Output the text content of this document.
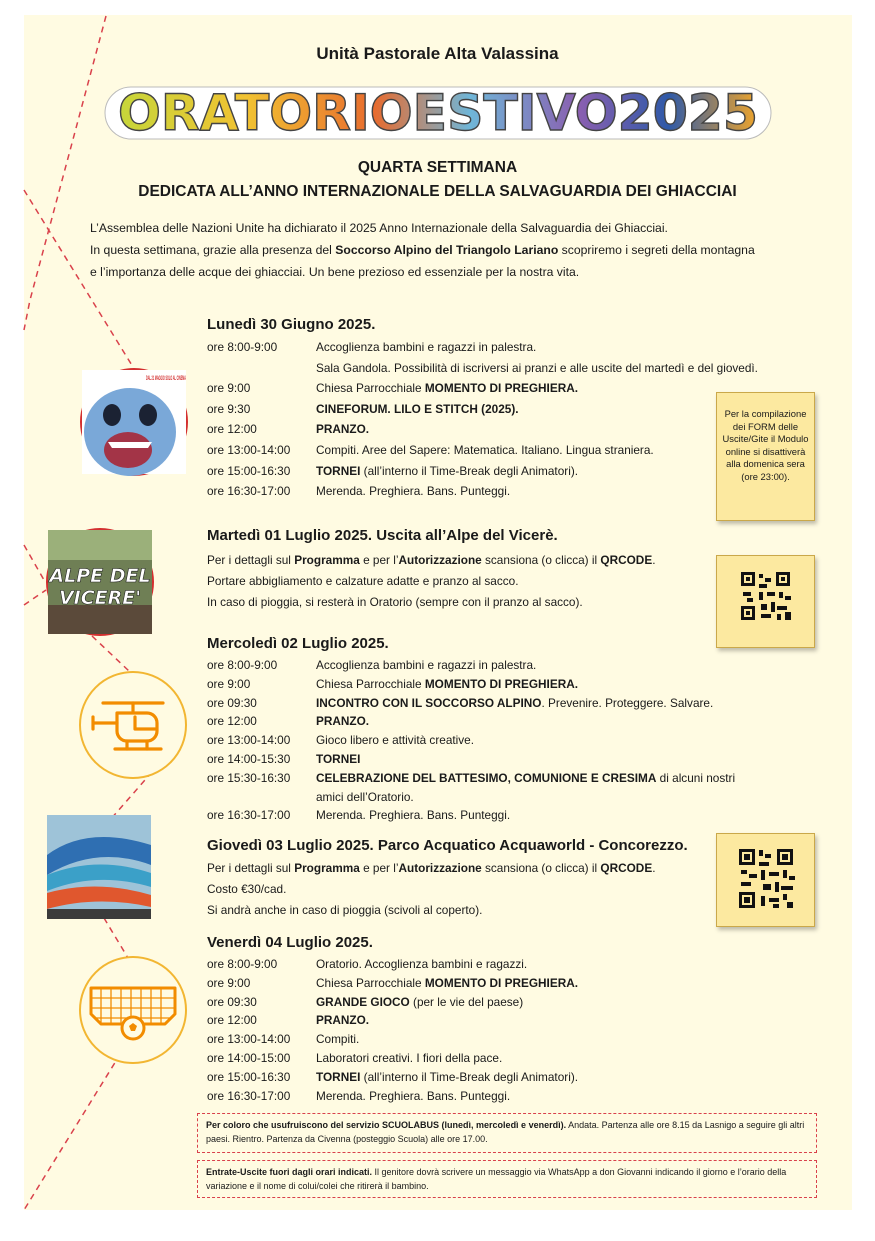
Unità Pastorale Alta Valassina
ORATORIOESTIVO2025
QUARTA SETTIMANA
DEDICATA ALL’ANNO INTERNAZIONALE DELLA SALVAGUARDIA DEI GHIACCIAI
L’Assemblea delle Nazioni Unite ha dichiarato il 2025 Anno Internazionale della Salvaguardia dei Ghiacciai.
In questa settimana, grazie alla presenza del Soccorso Alpino del Triangolo Lariano scopriremo i segreti della montagna
e l’importanza delle acque dei ghiacciai. Un bene prezioso ed essenziale per la nostra vita.
Lunedì 30 Giugno 2025.
ore 8:00-9:00	Accoglienza bambini e ragazzi in palestra.
Sala Gandola. Possibilità di iscriversi ai pranzi e alle uscite del martedì e del giovedì.
ore 9:00	Chiesa Parrocchiale MOMENTO DI PREGHIERA.
ore 9:30	CINEFORUM. LILO E STITCH (2025).
ore 12:00	PRANZO.
ore 13:00-14:00 Compiti. Aree del Sapere: Matematica. Italiano. Lingua straniera.
ore 15:00-16:30 TORNEI (all’interno il Time-Break degli Animatori).
ore 16:30-17:00 Merenda. Preghiera. Bans. Punteggi.
DAL 21 MAGGIO SOLO AL CINEMA
Per la compilazione dei FORM delle Uscite/Gite il Modulo online si disattiverà alla domenica sera (ore 23:00).
Martedì 01 Luglio 2025. Uscita all’Alpe del Vicerè.
Per i dettagli sul Programma e per l’Autorizzazione scansiona (o clicca) il QRCODE.
Portare abbigliamento e calzature adatte e pranzo al sacco.
In caso di pioggia, si resterà in Oratorio (sempre con il pranzo al sacco).
ALPE DEL VICERE'
Mercoledì 02 Luglio 2025.
ore 8:00-9:00	Accoglienza bambini e ragazzi in palestra.
ore 9:00	Chiesa Parrocchiale MOMENTO DI PREGHIERA.
ore 09:30	INCONTRO CON IL SOCCORSO ALPINO. Prevenire. Proteggere. Salvare.
ore 12:00	PRANZO.
ore 13:00-14:00 Gioco libero e attività creative.
ore 14:00-15:30 TORNEI
ore 15:30-16:30 CELEBRAZIONE DEL BATTESIMO, COMUNIONE E CRESIMA di alcuni nostri
amici dell’Oratorio.
ore 16:30-17:00 Merenda. Preghiera. Bans. Punteggi.
Giovedì 03 Luglio 2025. Parco Acquatico Acquaworld - Concorezzo.
Per i dettagli sul Programma e per l’Autorizzazione scansiona (o clicca) il QRCODE.
Costo €30/cad.
Si andrà anche in caso di pioggia (scivoli al coperto).
Venerdì 04 Luglio 2025.
ore 8:00-9:00	Oratorio. Accoglienza bambini e ragazzi.
ore 9:00	Chiesa Parrocchiale MOMENTO DI PREGHIERA.
ore 09:30	GRANDE GIOCO (per le vie del paese)
ore 12:00	PRANZO.
ore 13:00-14:00 Compiti.
ore 14:00-15:00 Laboratori creativi. I fiori della pace.
ore 15:00-16:30 TORNEI (all’interno il Time-Break degli Animatori).
ore 16:30-17:00 Merenda. Preghiera. Bans. Punteggi.
Per coloro che usufruiscono del servizio SCUOLABUS (lunedì, mercoledì e venerdì). Andata. Partenza alle ore 8.15 da Lasnigo a seguire gli altri paesi. Rientro. Partenza da Civenna (posteggio Scuola) alle ore 17.00.
Entrate-Uscite fuori dagli orari indicati. Il genitore dovrà scrivere un messaggio via WhatsApp a don Giovanni indicando il giorno e l’orario della variazione e il nome di colui/colei che ritirerà il bambino.
